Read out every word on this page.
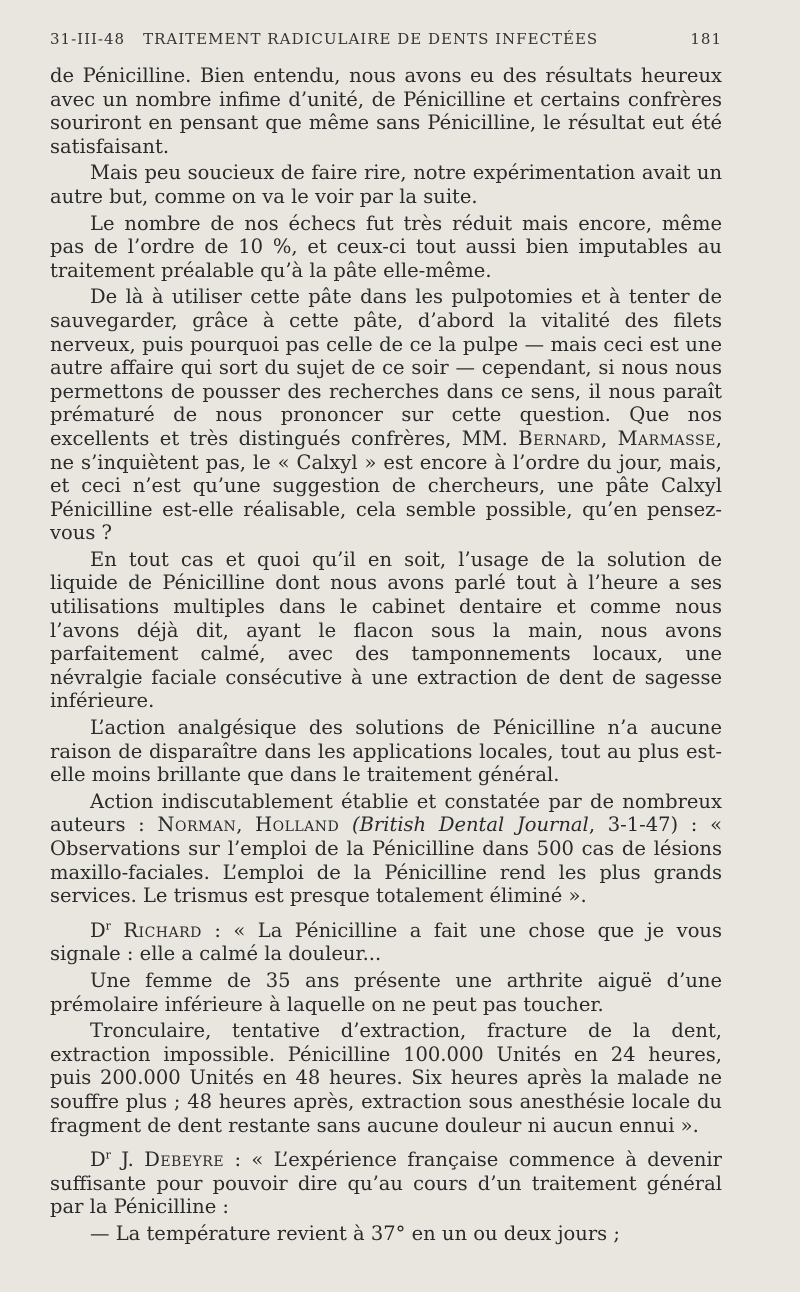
31-III-48 TRAITEMENT RADICULAIRE DE DENTS INFECTÉES	181

de Pénicilline. Bien entendu, nous avons eu des résultats heureux avec un nombre infime d’unité, de Pénicilline et certains confrères souriront en pensant que même sans Pénicilline, le résultat eut été satisfaisant.

Mais peu soucieux de faire rire, notre expérimentation avait un autre but, comme on va le voir par la suite.

Le nombre de nos échecs fut très réduit mais encore, même pas de l’ordre de 10 %, et ceux-ci tout aussi bien imputables au traitement préalable qu’à la pâte elle-même.

De là à utiliser cette pâte dans les pulpotomies et à tenter de sauvegarder, grâce à cette pâte, d’abord la vitalité des filets nerveux, puis pourquoi pas celle de ce la pulpe — mais ceci est une autre affaire qui sort du sujet de ce soir — cependant, si nous nous permettons de pousser des recherches dans ce sens, il nous paraît prématuré de nous prononcer sur cette question. Que nos excellents et très distingués confrères, MM. Bernard, Marmasse, ne s’inquiètent pas, le « Calxyl » est encore à l’ordre du jour, mais, et ceci n’est qu’une suggestion de chercheurs, une pâte Calxyl Pénicilline est-elle réalisable, cela semble possible, qu’en pensez-vous ?

En tout cas et quoi qu’il en soit, l’usage de la solution de liquide de Pénicilline dont nous avons parlé tout à l’heure a ses utilisations multiples dans le cabinet dentaire et comme nous l’avons déjà dit, ayant le flacon sous la main, nous avons parfaitement calmé, avec des tamponnements locaux, une névralgie faciale consécutive à une extraction de dent de sagesse inférieure.

L’action analgésique des solutions de Pénicilline n’a aucune raison de disparaître dans les applications locales, tout au plus est-elle moins brillante que dans le traitement général.

Action indiscutablement établie et constatée par de nombreux auteurs : Norman, Holland (British Dental Journal, 3-1-47) : « Observations sur l’emploi de la Pénicilline dans 500 cas de lésions maxillo-faciales. L’emploi de la Pénicilline rend les plus grands services. Le trismus est presque totalement éliminé ».

$D^r$ Richard : « La Pénicilline a fait une chose que je vous signale : elle a calmé la douleur...

Une femme de 35 ans présente une arthrite aiguë d’une prémolaire inférieure à laquelle on ne peut pas toucher.

Tronculaire, tentative d’extraction, fracture de la dent, extraction impossible. Pénicilline 100.000 Unités en 24 heures, puis 200.000 Unités en 48 heures. Six heures après la malade ne souffre plus ; 48 heures après, extraction sous anesthésie locale du fragment de dent restante sans aucune douleur ni aucun ennui ».

$D^r$ J. Debeyre : « L’expérience française commence à devenir suffisante pour pouvoir dire qu’au cours d’un traitement général par la Pénicilline :

— La température revient à 37° en un ou deux jours ;
